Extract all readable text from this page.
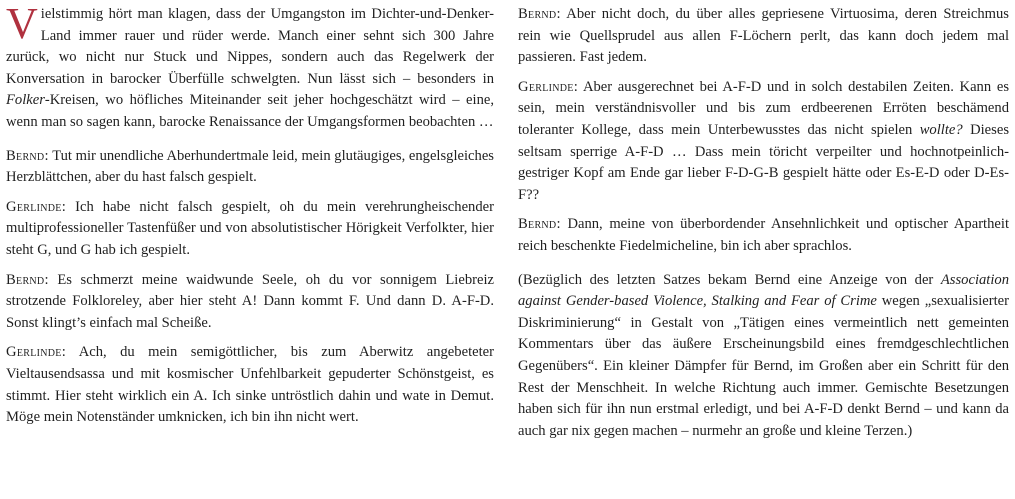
Vielstimmig hört man klagen, dass der Umgangston im Dichter-und-Denker-Land immer rauer und rüder werde. Manch einer sehnt sich 300 Jahre zurück, wo nicht nur Stuck und Nippes, sondern auch das Regelwerk der Konversation in barocker Überfülle schwelgten. Nun lässt sich – besonders in Folker-Kreisen, wo höfliches Miteinander seit jeher hochgeschätzt wird – eine, wenn man so sagen kann, barocke Renaissance der Umgangsformen beobachten …

Bernd: Tut mir unendliche Aberhundertmale leid, mein glutäugiges, engelsgleiches Herzblättchen, aber du hast falsch gespielt.

Gerlinde: Ich habe nicht falsch gespielt, oh du mein verehrungheischender multiprofessioneller Tastenfüßer und von absolutistischer Hörigkeit Verfolkter, hier steht G, und G hab ich gespielt.

Bernd: Es schmerzt meine waidwunde Seele, oh du vor sonnigem Liebreiz strotzende Folkloreley, aber hier steht A! Dann kommt F. Und dann D. A-F-D. Sonst klingt’s einfach mal Scheiße.

Gerlinde: Ach, du mein semigöttlicher, bis zum Aberwitz angebeteter Vieltausendsassa und mit kosmischer Unfehlbarkeit gepuderter Schönstgeist, es stimmt. Hier steht wirklich ein A. Ich sinke untröstlich dahin und wate in Demut. Möge mein Notenständer umknicken, ich bin ihn nicht wert.

Bernd: Aber nicht doch, du über alles gepriesene Virtuosima, deren Streichmus rein wie Quellsprudel aus allen F-Löchern perlt, das kann doch jedem mal passieren. Fast jedem.

Gerlinde: Aber ausgerechnet bei A-F-D und in solch destabilen Zeiten. Kann es sein, mein verständnisvoller und bis zum erdbeerenen Erröten beschämend toleranter Kollege, dass mein Unterbewusstes das nicht spielen wollte? Dieses seltsam sperrige A-F-D … Dass mein töricht verpeilter und hochnotpeinlich-gestriger Kopf am Ende gar lieber F-D-G-B gespielt hätte oder Es-E-D oder D-Es-F??

Bernd: Dann, meine von überbordender Ansehnlichkeit und optischer Apartheit reich beschenkte Fiedelmicheline, bin ich aber sprachlos.

(Bezüglich des letzten Satzes bekam Bernd eine Anzeige von der Association against Gender-based Violence, Stalking and Fear of Crime wegen „sexualisierter Diskriminierung“ in Gestalt von „Tätigen eines vermeintlich nett gemeinten Kommentars über das äußere Erscheinungsbild eines fremdgeschlechtlichen Gegenübers“. Ein kleiner Dämpfer für Bernd, im Großen aber ein Schritt für den Rest der Menschheit. In welche Richtung auch immer. Gemischte Besetzungen haben sich für ihn nun erstmal erledigt, und bei A-F-D denkt Bernd – und kann da auch gar nix gegen machen – nurmehr an große und kleine Terzen.)
